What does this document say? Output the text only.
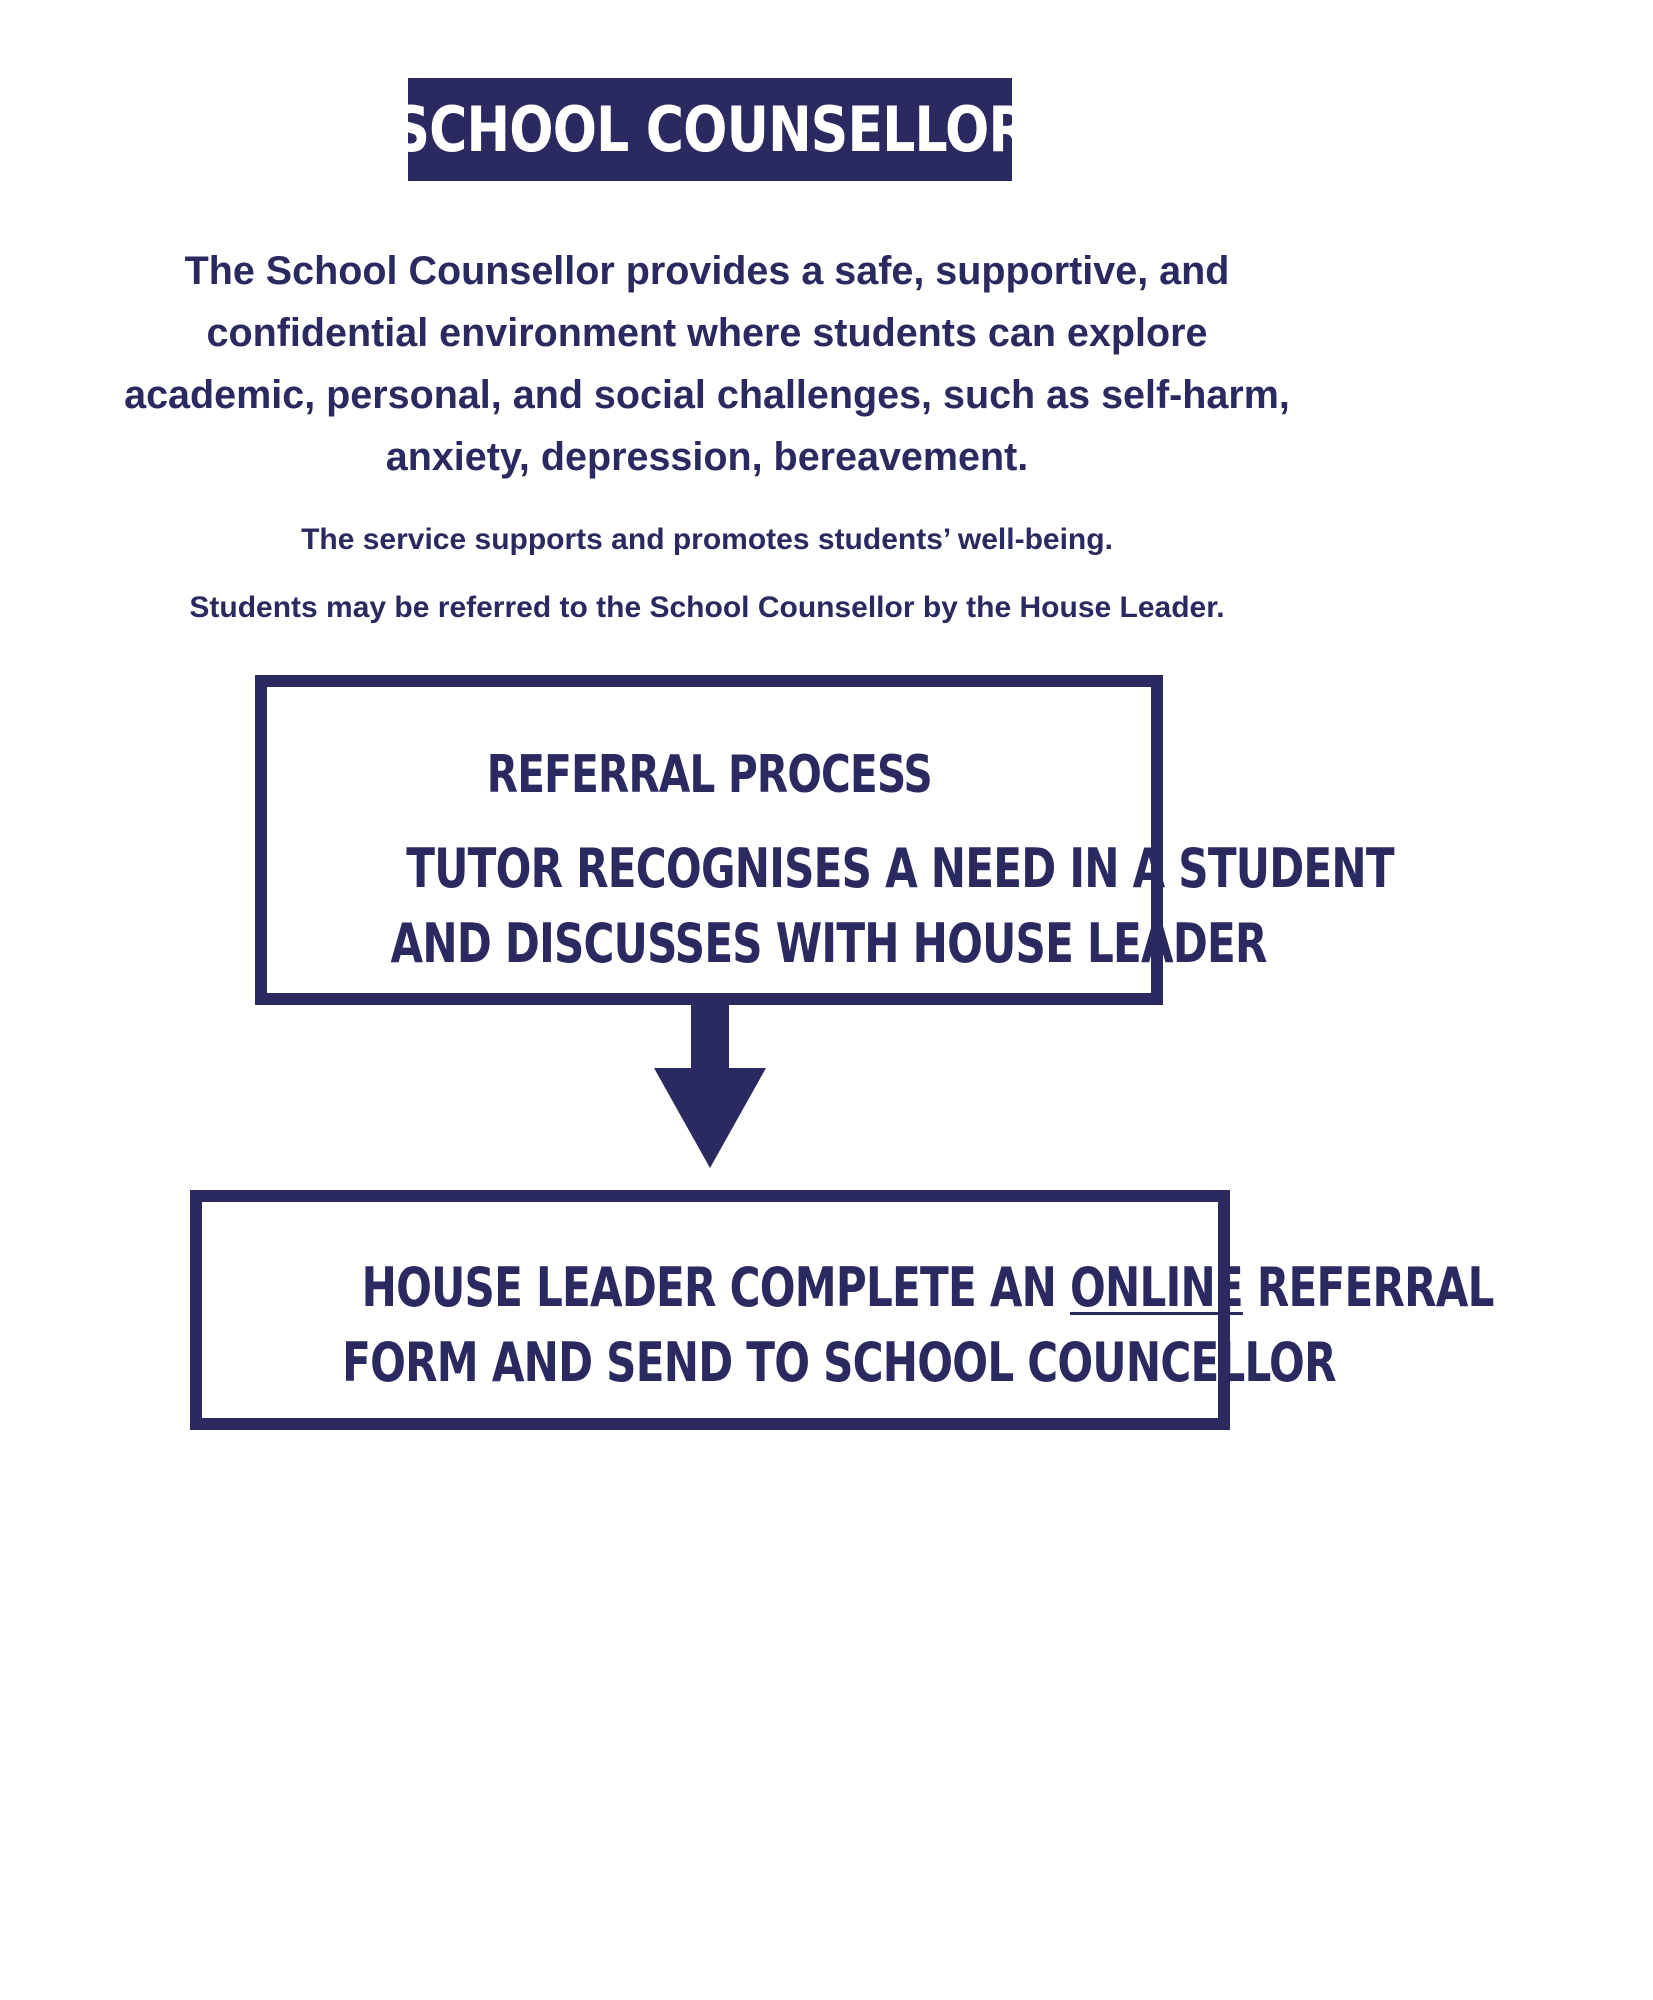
SCHOOL COUNSELLOR
The School Counsellor provides a safe, supportive, and
confidential environment where students can explore
academic, personal, and social challenges, such as self-harm,
anxiety, depression, bereavement.

The service supports and promotes students’ well-being.

Students may be referred to the School Counsellor by the House Leader.

REFERRAL PROCESS
TUTOR RECOGNISES A NEED IN A STUDENT
AND DISCUSSES WITH HOUSE LEADER
HOUSE LEADER COMPLETE AN ONLINE REFERRAL
FORM AND SEND TO SCHOOL COUNCELLOR
